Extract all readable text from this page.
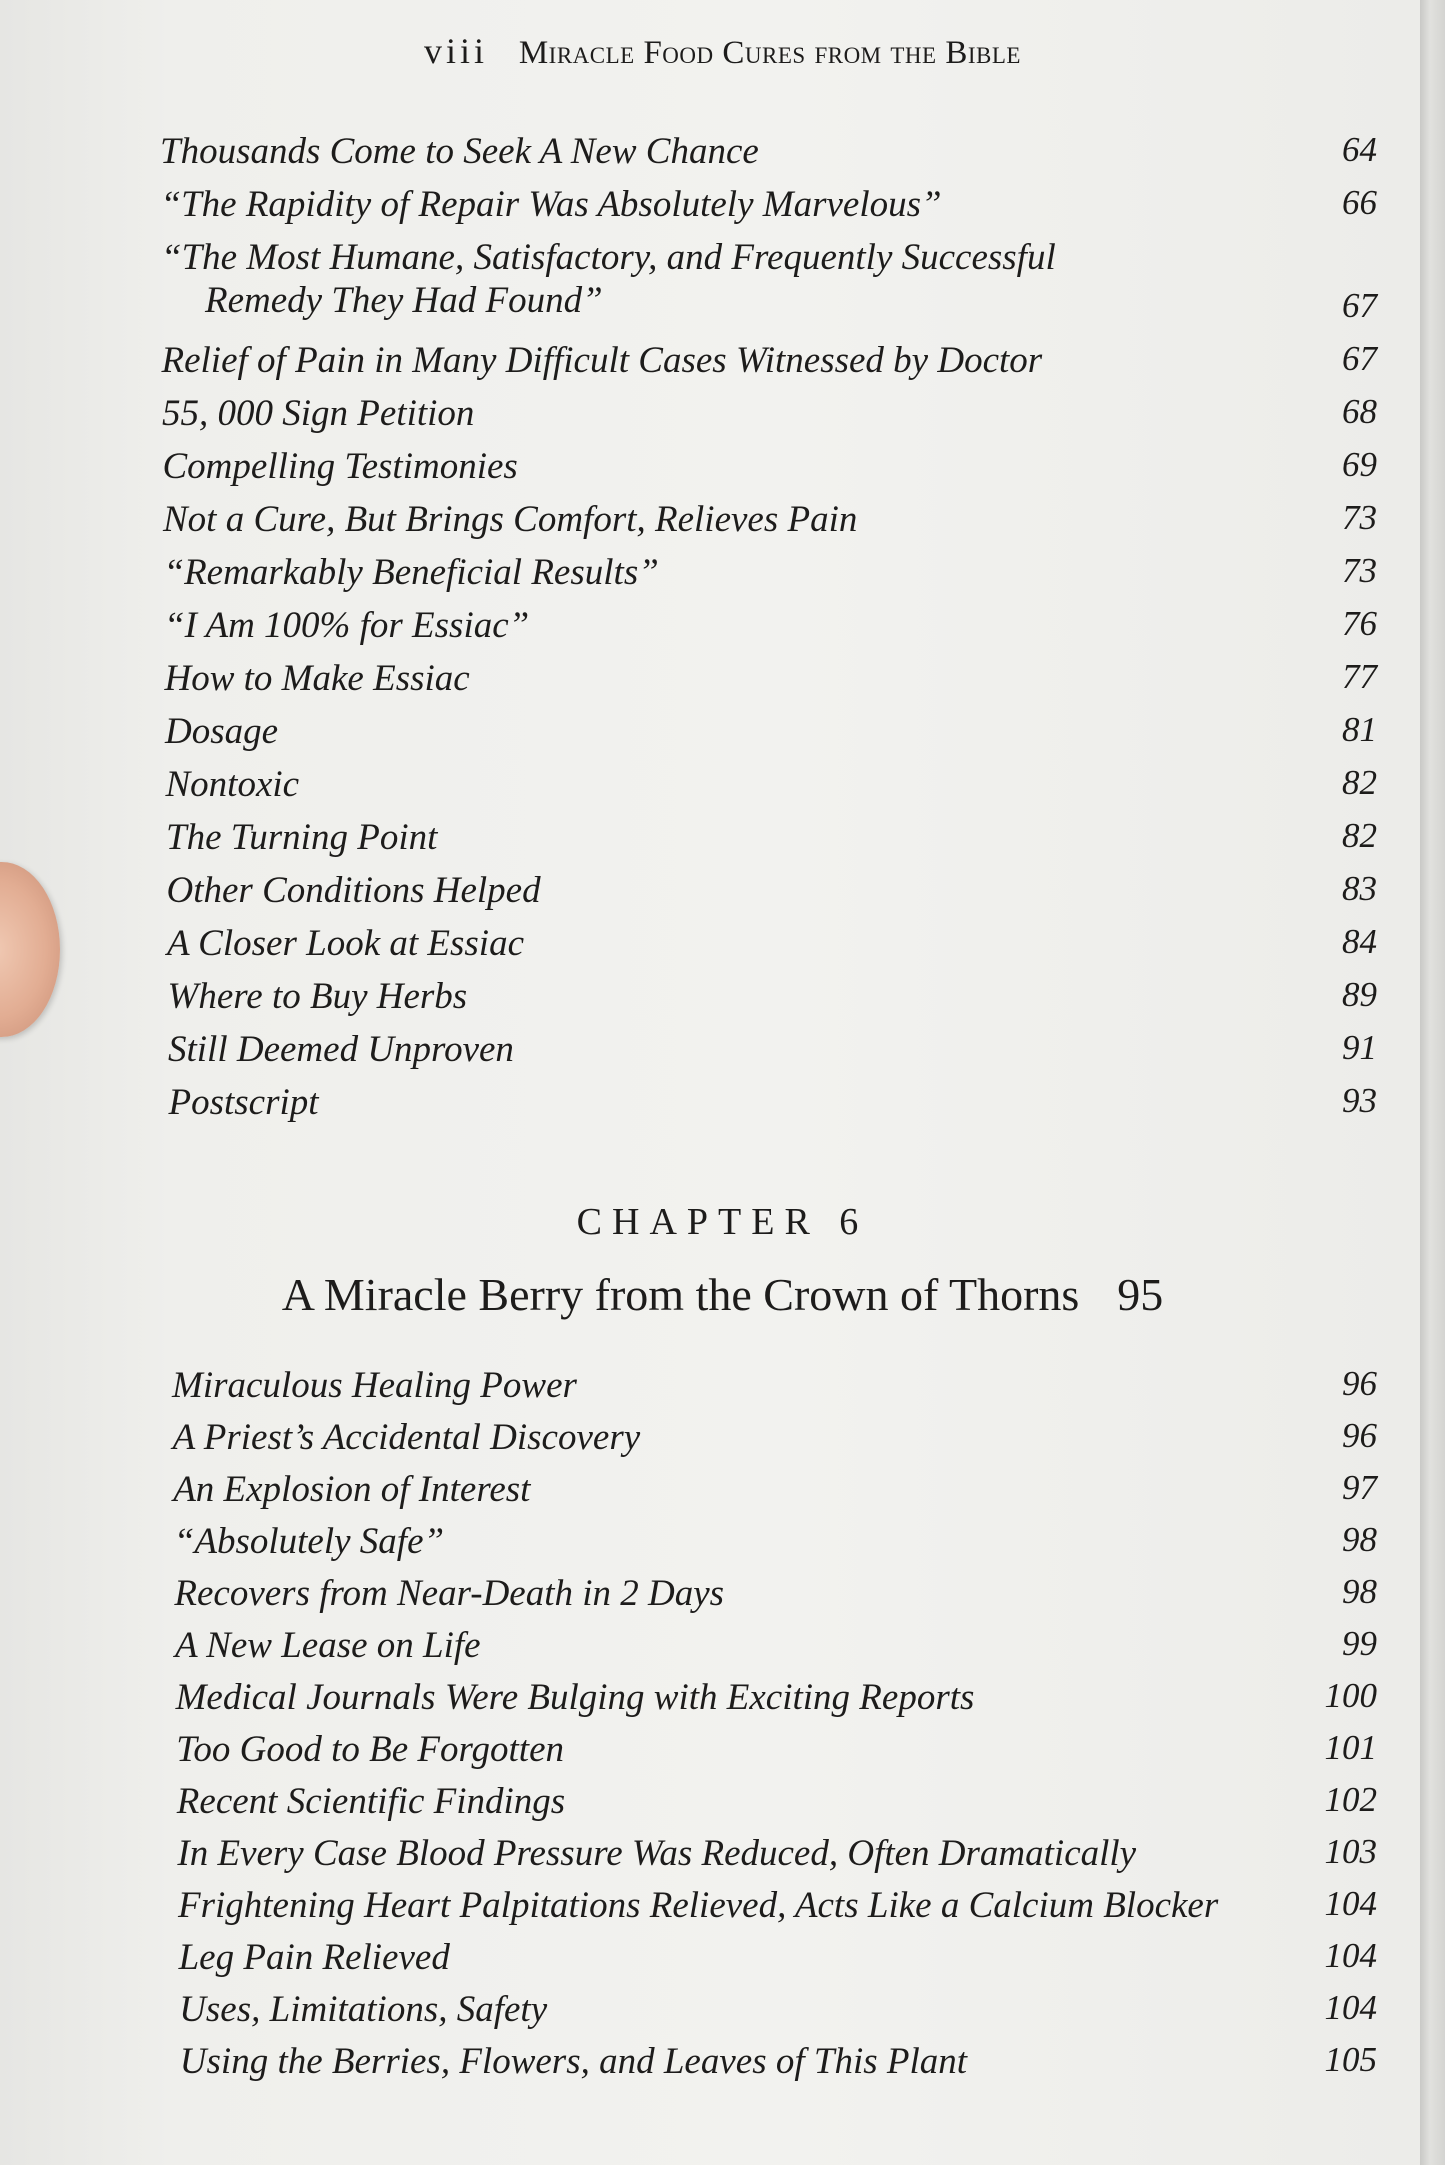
viii Miracle Food Cures from the Bible
Thousands Come to Seek A New Chance	64
“The Rapidity of Repair Was Absolutely Marvelous”	66
“The Most Humane, Satisfactory, and Frequently Successful
Remedy They Had Found”	67
Relief of Pain in Many Difficult Cases Witnessed by Doctor	67
55, 000 Sign Petition	68
Compelling Testimonies	69
Not a Cure, But Brings Comfort, Relieves Pain	73
“Remarkably Beneficial Results”	73
“I Am 100% for Essiac”	76
How to Make Essiac	77
Dosage	81
Nontoxic	82
The Turning Point	82
Other Conditions Helped	83
A Closer Look at Essiac	84
Where to Buy Herbs	89
Still Deemed Unproven	91
Postscript	93
CHAPTER 6
A Miracle Berry from the Crown of Thorns 95
Miraculous Healing Power	96
A Priest’s Accidental Discovery	96
An Explosion of Interest	97
“Absolutely Safe”	98
Recovers from Near-Death in 2 Days	98
A New Lease on Life	99
Medical Journals Were Bulging with Exciting Reports	100
Too Good to Be Forgotten	101
Recent Scientific Findings	102
In Every Case Blood Pressure Was Reduced, Often Dramatically	103
Frightening Heart Palpitations Relieved, Acts Like a Calcium Blocker	104
Leg Pain Relieved	104
Uses, Limitations, Safety	104
Using the Berries, Flowers, and Leaves of This Plant	105
